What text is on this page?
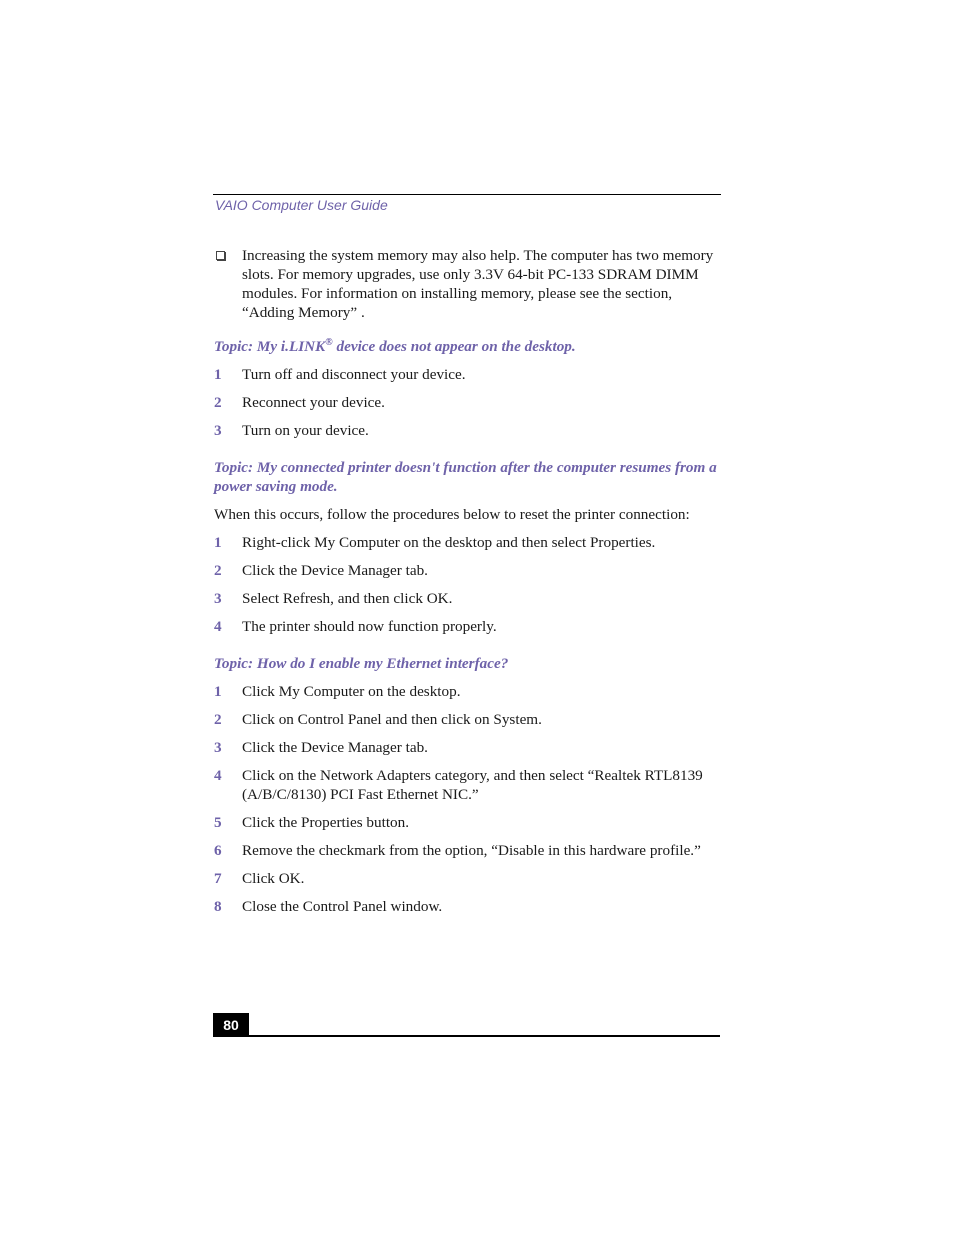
VAIO Computer User Guide
Increasing the system memory may also help. The computer has two memory slots. For memory upgrades, use only 3.3V 64-bit PC-133 SDRAM DIMM modules. For information on installing memory, please see the section, “Adding Memory” .
Topic: My i.LINK® device does not appear on the desktop.
1 Turn off and disconnect your device.
2 Reconnect your device.
3 Turn on your device.
Topic: My connected printer doesn't function after the computer resumes from a power saving mode.
When this occurs, follow the procedures below to reset the printer connection:
1 Right-click My Computer on the desktop and then select Properties.
2 Click the Device Manager tab.
3 Select Refresh, and then click OK.
4 The printer should now function properly.
Topic: How do I enable my Ethernet interface?
1 Click My Computer on the desktop.
2 Click on Control Panel and then click on System.
3 Click the Device Manager tab.
4 Click on the Network Adapters category, and then select “Realtek RTL8139 (A/B/C/8130) PCI Fast Ethernet NIC.”
5 Click the Properties button.
6 Remove the checkmark from the option, “Disable in this hardware profile.”
7 Click OK.
8 Close the Control Panel window.
80
